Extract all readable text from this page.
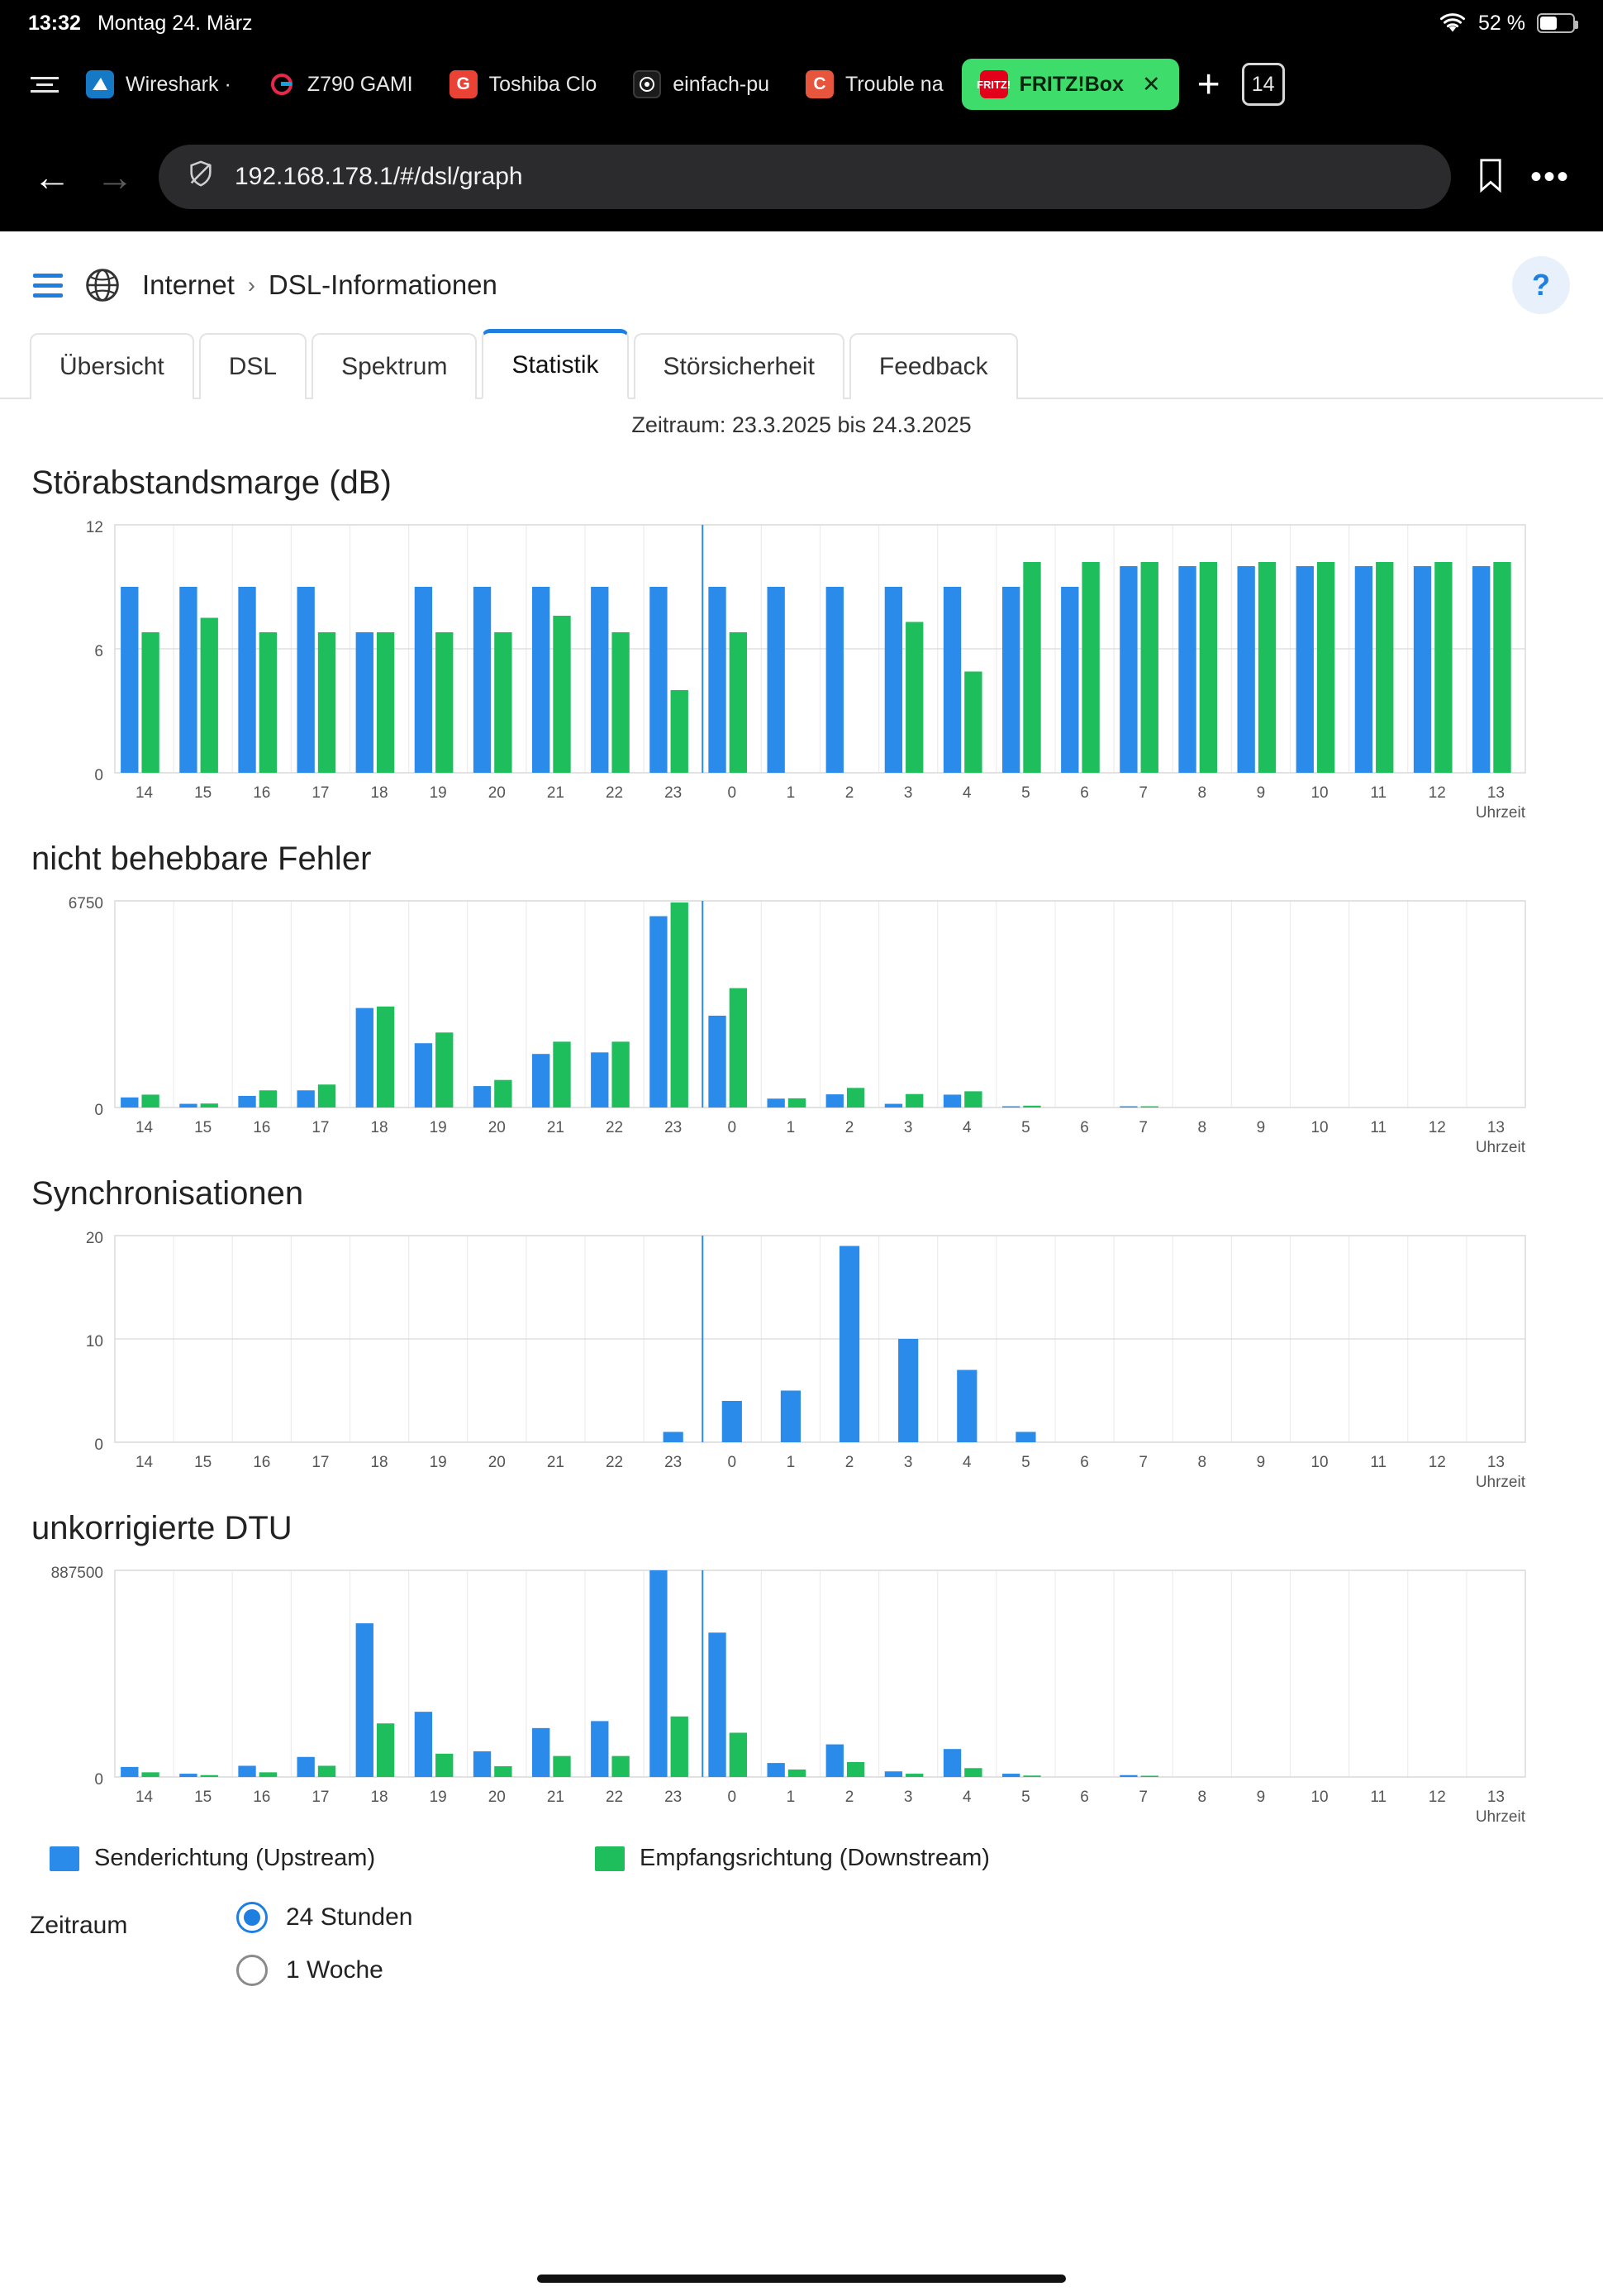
13:32 Montag 24. März	52 %
Wireshark ·	Z790 GAMI	G Toshiba Clo	einfach-pu	C Trouble na	FRITZ! FRITZ!Box ✕ +	14
← →	192.168.178.1/#/dsl/graph	•••
Internet › DSL-Informationen	?
Übersicht	DSL	Spektrum	Statistik	Störsicherheit	Feedback
Zeitraum: 23.3.2025 bis 24.3.2025
Störabstandsmarge (dB)
0
6
12
14	15	16	17	18	19	20	21	22	23	0	1	2	3	4	5	6	7	8	9	10	11	12	13
Uhrzeit
nicht behebbare Fehler
0
6750
14	15	16	17	18	19	20	21	22	23	0	1	2	3	4	5	6	7	8	9	10	11	12	13
Uhrzeit
Synchronisationen
0
10
20
14	15	16	17	18	19	20	21	22	23	0	1	2	3	4	5	6	7	8	9	10	11	12	13
Uhrzeit
unkorrigierte DTU
0
887500
14	15	16	17	18	19	20	21	22	23	0	1	2	3	4	5	6	7	8	9	10	11	12	13
Uhrzeit
Senderichtung (Upstream)	Empfangsrichtung (Downstream)
Zeitraum	24 Stunden
1 Woche
